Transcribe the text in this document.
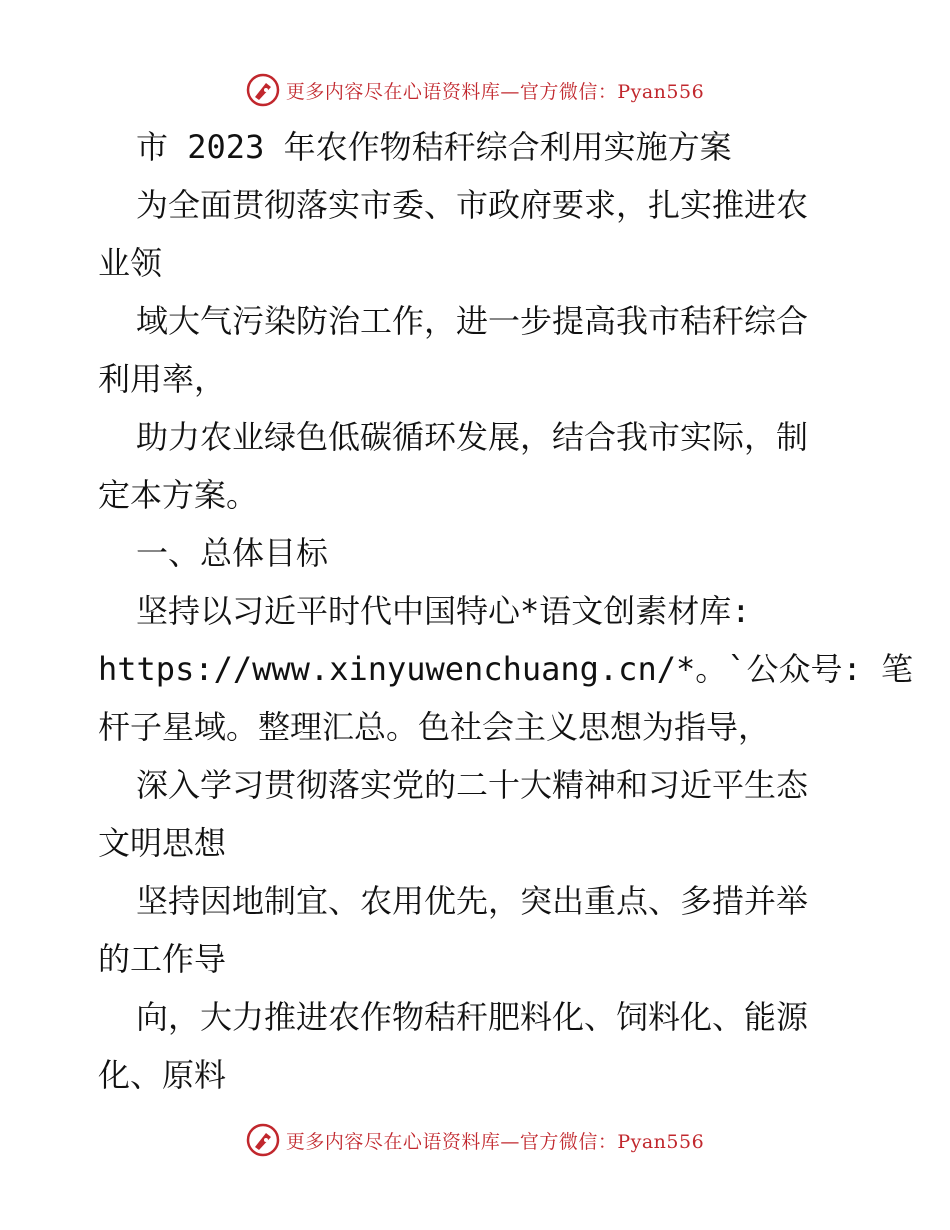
更多内容尽在心语资料库—官方微信：Pyan556
市 2023 年农作物秸秆综合利用实施方案
为全面贯彻落实市委、市政府要求，扎实推进农
业领
域大气污染防治工作，进一步提高我市秸秆综合
利用率，
助力农业绿色低碳循环发展，结合我市实际，制
定本方案。
一、总体目标
坚持以习近平时代中国特心*语文创素材库:
https://www.xinyuwenchuang.cn/*。`公众号: 笔
杆子星域。整理汇总。色社会主义思想为指导，
深入学习贯彻落实党的二十大精神和习近平生态
文明思想
坚持因地制宜、农用优先，突出重点、多措并举
的工作导
向，大力推进农作物秸秆肥料化、饲料化、能源
化、原料
更多内容尽在心语资料库—官方微信：Pyan556
